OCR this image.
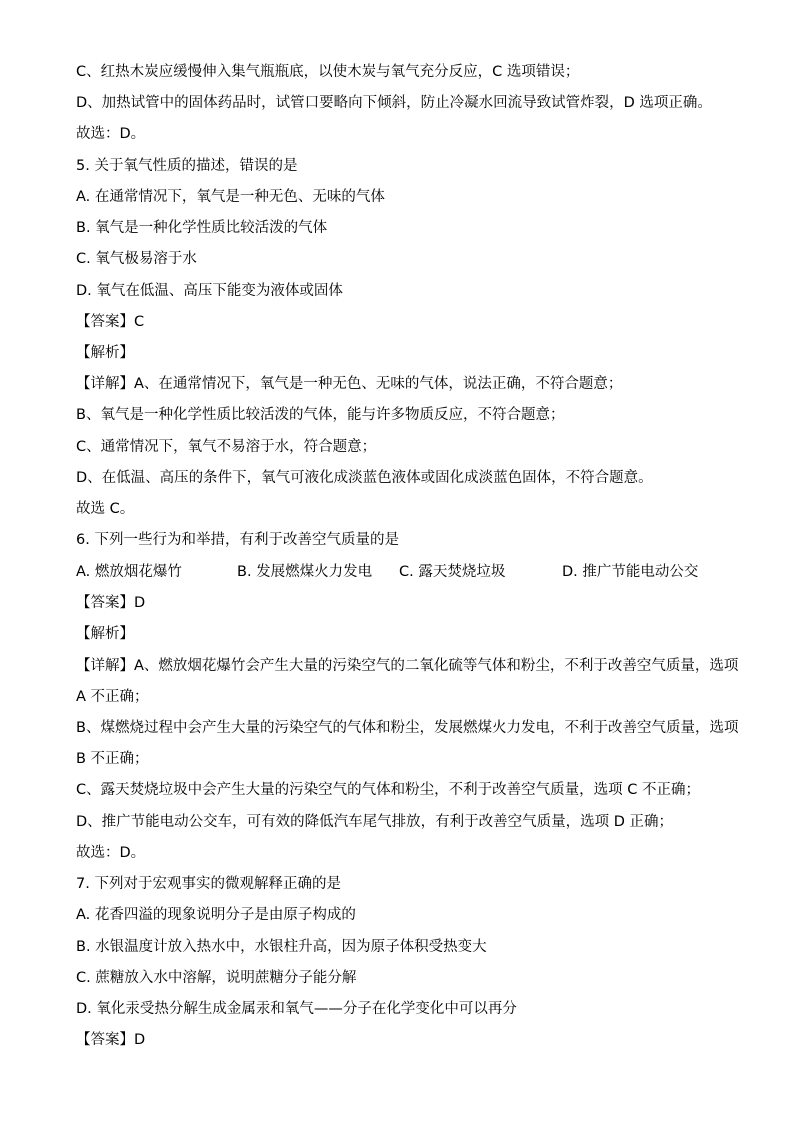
C、红热木炭应缓慢伸入集气瓶瓶底，以使木炭与氧气充分反应，C 选项错误；
D、加热试管中的固体药品时，试管口要略向下倾斜，防止冷凝水回流导致试管炸裂，D 选项正确。
故选：D。
5. 关于氧气性质的描述，错误的是
A. 在通常情况下，氧气是一种无色、无味的气体
B. 氧气是一种化学性质比较活泼的气体
C. 氧气极易溶于水
D. 氧气在低温、高压下能变为液体或固体
【答案】C
【解析】
【详解】A、在通常情况下，氧气是一种无色、无味的气体，说法正确，不符合题意；
B、氧气是一种化学性质比较活泼的气体，能与许多物质反应，不符合题意；
C、通常情况下，氧气不易溶于水，符合题意；
D、在低温、高压的条件下，氧气可液化成淡蓝色液体或固化成淡蓝色固体，不符合题意。
故选 C。
6. 下列一些行为和举措，有利于改善空气质量的是
A. 燃放烟花爆竹	B. 发展燃煤火力发电 C. 露天焚烧垃圾	D. 推广节能电动公交
【答案】D
【解析】
【详解】A、燃放烟花爆竹会产生大量的污染空气的二氧化硫等气体和粉尘，不利于改善空气质量，选项
A 不正确；
B、煤燃烧过程中会产生大量的污染空气的气体和粉尘，发展燃煤火力发电，不利于改善空气质量，选项
B 不正确；
C、露天焚烧垃圾中会产生大量的污染空气的气体和粉尘，不利于改善空气质量，选项 C 不正确；
D、推广节能电动公交车，可有效的降低汽车尾气排放，有利于改善空气质量，选项 D 正确；
故选：D。
7. 下列对于宏观事实的微观解释正确的是
A. 花香四溢的现象说明分子是由原子构成的
B. 水银温度计放入热水中，水银柱升高，因为原子体积受热变大
C. 蔗糖放入水中溶解，说明蔗糖分子能分解
D. 氧化汞受热分解生成金属汞和氧气——分子在化学变化中可以再分
【答案】D
